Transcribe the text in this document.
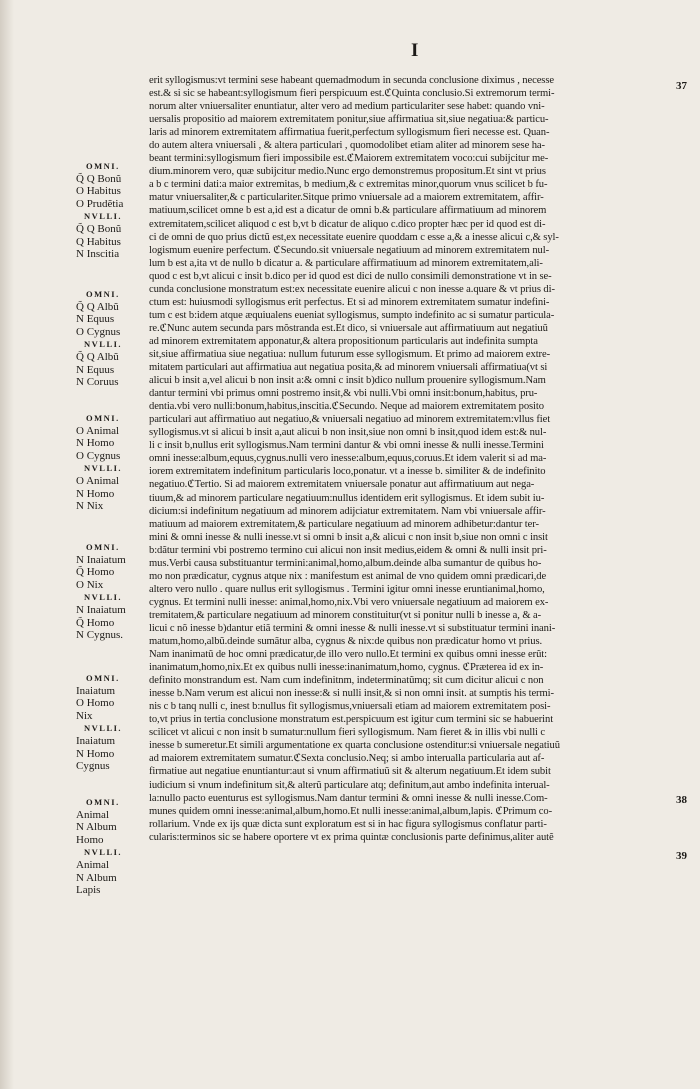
I
37
38
39
erit syllogismus:vt termini sese habeant quemadmodum in secunda conclusione diximus , necesse
est.& si sic se habeant:syllogismum fieri perspicuum est.ℭQuinta conclusio.Si extremorum termi-
norum alter vniuersaliter enuntiatur, alter vero ad medium particulariter sese habet: quando vni-
uersalis propositio ad maiorem extremitatem ponitur,siue affirmatiua sit,siue negatiua:& particu-
laris ad minorem extremitatem affirmatiua fuerit,perfectum syllogismum fieri necesse est. Quan-
do autem altera vniuersali , & altera particulari , quomodolibet etiam aliter ad minorem sese ha-
beant termini:syllogismum fieri impossibile est.ℭMaiorem extremitatem voco:cui subijcitur me-
dium.minorem vero, quæ subijcitur medio.Nunc ergo demonstremus propositum.Et sint vt prius
a b c termini dati:a maior extremitas, b medium,& c extremitas minor,quorum vnus scilicet b fu-
matur vniuersaliter,& c particulariter.Sitque primo vniuersale ad a maiorem extremitatem, affir-
matiuum,scilicet omne b est a,id est a dicatur de omni b.& particulare affirmatiuum ad minorem
extremitatem,scilicet aliquod c est b,vt b dicatur de aliquo c.dico propter hæc per id quod est di-
ci de omni de quo prius dictũ est,ex necessitate euenire quoddam c esse a,& a inesse alicui c,& syl-
logismum euenire perfectum. ℭSecundo.sit vniuersale negatiuum ad minorem extremitatem nul-
lum b est a,ita vt de nullo b dicatur a. & particulare affirmatiuum ad minorem extremitatem,ali-
quod c est b,vt alicui c insit b.dico per id quod est dici de nullo consimili demonstratione vt in se-
cunda conclusione monstratum est:ex necessitate euenire alicui c non inesse a.quare & vt prius di-
ctum est: huiusmodi syllogismus erit perfectus. Et si ad minorem extremitatem sumatur indefini-
tum c est b:idem atque æquiualens eueniat syllogismus, sumpto indefinito ac si sumatur particula-
re.ℭNunc autem secunda pars mõstranda est.Et dico, si vniuersale aut affirmatiuum aut negatiuũ
ad minorem extremitatem apponatur,& altera propositionum particularis aut indefinita sumpta
sit,siue affirmatiua siue negatiua: nullum futurum esse syllogismum. Et primo ad maiorem extre-
mitatem particulari aut affirmatiua aut negatiua posita,& ad minorem vniuersali affirmatiua(vt si
alicui b insit a,vel alicui b non insit a:& omni c insit b)dico nullum prouenire syllogismum.Nam
dantur termini vbi primus omni postremo insit,& vbi nulli.Vbi omni insit:bonum,habitus, pru-
dentia.vbi vero nulli:bonum,habitus,inscitia.ℭSecundo. Neque ad maiorem extremitatem posito
particulari aut affirmatiuo aut negatiuo,& vniuersali negatiuo ad minorem extremitatem:vllus fiet
syllogismus.vt si alicui b insit a,aut alicui b non insit,siue non omni b insit,quod idem est:& nul-
li c insit b,nullus erit syllogismus.Nam termini dantur & vbi omni inesse & nulli inesse.Termini
omni inesse:album,equus,cygnus.nulli vero inesse:album,equus,coruus.Et idem valerit si ad ma-
iorem extremitatem indefinitum particularis loco,ponatur. vt a inesse b. similiter & de indefinito
negatiuo.ℭTertio. Si ad maiorem extremitatem vniuersale ponatur aut affirmatiuum aut nega-
tiuum,& ad minorem particulare negatiuum:nullus identidem erit syllogismus. Et idem subit iu-
dicium:si indefinitum negatiuum ad minorem adijciatur extremitatem. Nam vbi vniuersale affir-
matiuum ad maiorem extremitatem,& particulare negatiuum ad minorem adhibetur:dantur ter-
mini & omni inesse & nulli inesse.vt si omni b insit a,& alicui c non insit b,siue non omni c insit
b:dãtur termini vbi postremo termino cui alicui non insit medius,eidem & omni & nulli insit pri-
mus.Verbi causa substituantur termini:animal,homo,album.deinde alba sumantur de quibus ho-
mo non prædicatur, cygnus atque nix : manifestum est animal de vno quidem omni prædicari,de
altero vero nullo . quare nullus erit syllogismus . Termini igitur omni inesse eruntianimal,homo,
cygnus. Et termini nulli inesse: animal,homo,nix.Vbi vero vniuersale negatiuum ad maiorem ex-
tremitatem,& particulare negatiuum ad minorem constituitur(vt si ponitur nulli b inesse a, & a-
licui c nõ inesse b)dantur etiã termini & omni inesse & nulli inesse.vt si substituatur termini inani-
matum,homo,albũ.deinde sumãtur alba, cygnus & nix:de quibus non prædicatur homo vt prius.
Nam inanimatũ de hoc omni prædicatur,de illo vero nullo.Et termini ex quibus omni inesse erũt:
inanimatum,homo,nix.Et ex quibus nulli inesse:inanimatum,homo, cygnus. ℭPræterea id ex in-
definito monstrandum est. Nam cum indefinitnm, indeterminatũmq; sit cum dicitur alicui c non
inesse b.Nam verum est alicui non inesse:& si nulli insit,& si non omni insit. at sumptis his termi-
nis c b tanq nulli c, inest b:nullus fit syllogismus,vniuersali etiam ad maiorem extremitatem posi-
to,vt prius in tertia conclusione monstratum est.perspicuum est igitur cum termini sic se habuerint
scilicet vt alicui c non insit b sumatur:nullum fieri syllogismum. Nam fieret & in illis vbi nulli c
inesse b sumeretur.Et simili argumentatione ex quarta conclusione ostenditur:si vniuersale negatiuũ
ad maiorem extremitatem sumatur.ℭSexta conclusio.Neq; si ambo interualla particularia aut af-
firmatiue aut negatiue enuntiantur:aut si vnum affirmatiuũ sit & alterum negatiuum.Et idem subit
iudicium si vnum indefinitum sit,& alterũ particulare atq; definitum,aut ambo indefinita interual-
la:nullo pacto euenturus est syllogismus.Nam dantur termini & omni inesse & nulli inesse.Com-
munes quidem omni inesse:animal,album,homo.Et nulli inesse:animal,album,lapis. ℭPrimum co-
rollarium. Vnde ex ijs quæ dicta sunt exploratum est si in hac figura syllogismus conflatur parti-
cularis:terminos sic se habere oportere vt ex prima quintæ conclusionis parte definimus,aliter autẽ
OMNI.
Q̃ Q Bonũ
O Habitus
O Prudẽtia
NVLLI.
Q̃ Q Bonũ
Q Habitus
N Inscitia
OMNI.
Q̃ Q Albũ
N Equus
O Cygnus
NVLLI.
Q̃ Q Albũ
N Equus
N Coruus
OMNI.
O Animal
N Homo
O Cygnus
NVLLI.
O Animal
N Homo
N Nix
OMNI.
N Inaiatum
Q̃ Homo
O Nix
NVLLI.
N Inaiatum
Q̃ Homo
N Cygnus.
OMNI.
Inaiatum
O Homo
Nix
NVLLI.
Inaiatum
N Homo
Cygnus
OMNI.
Animal
N Album
Homo
NVLLI.
Animal
N Album
Lapis
